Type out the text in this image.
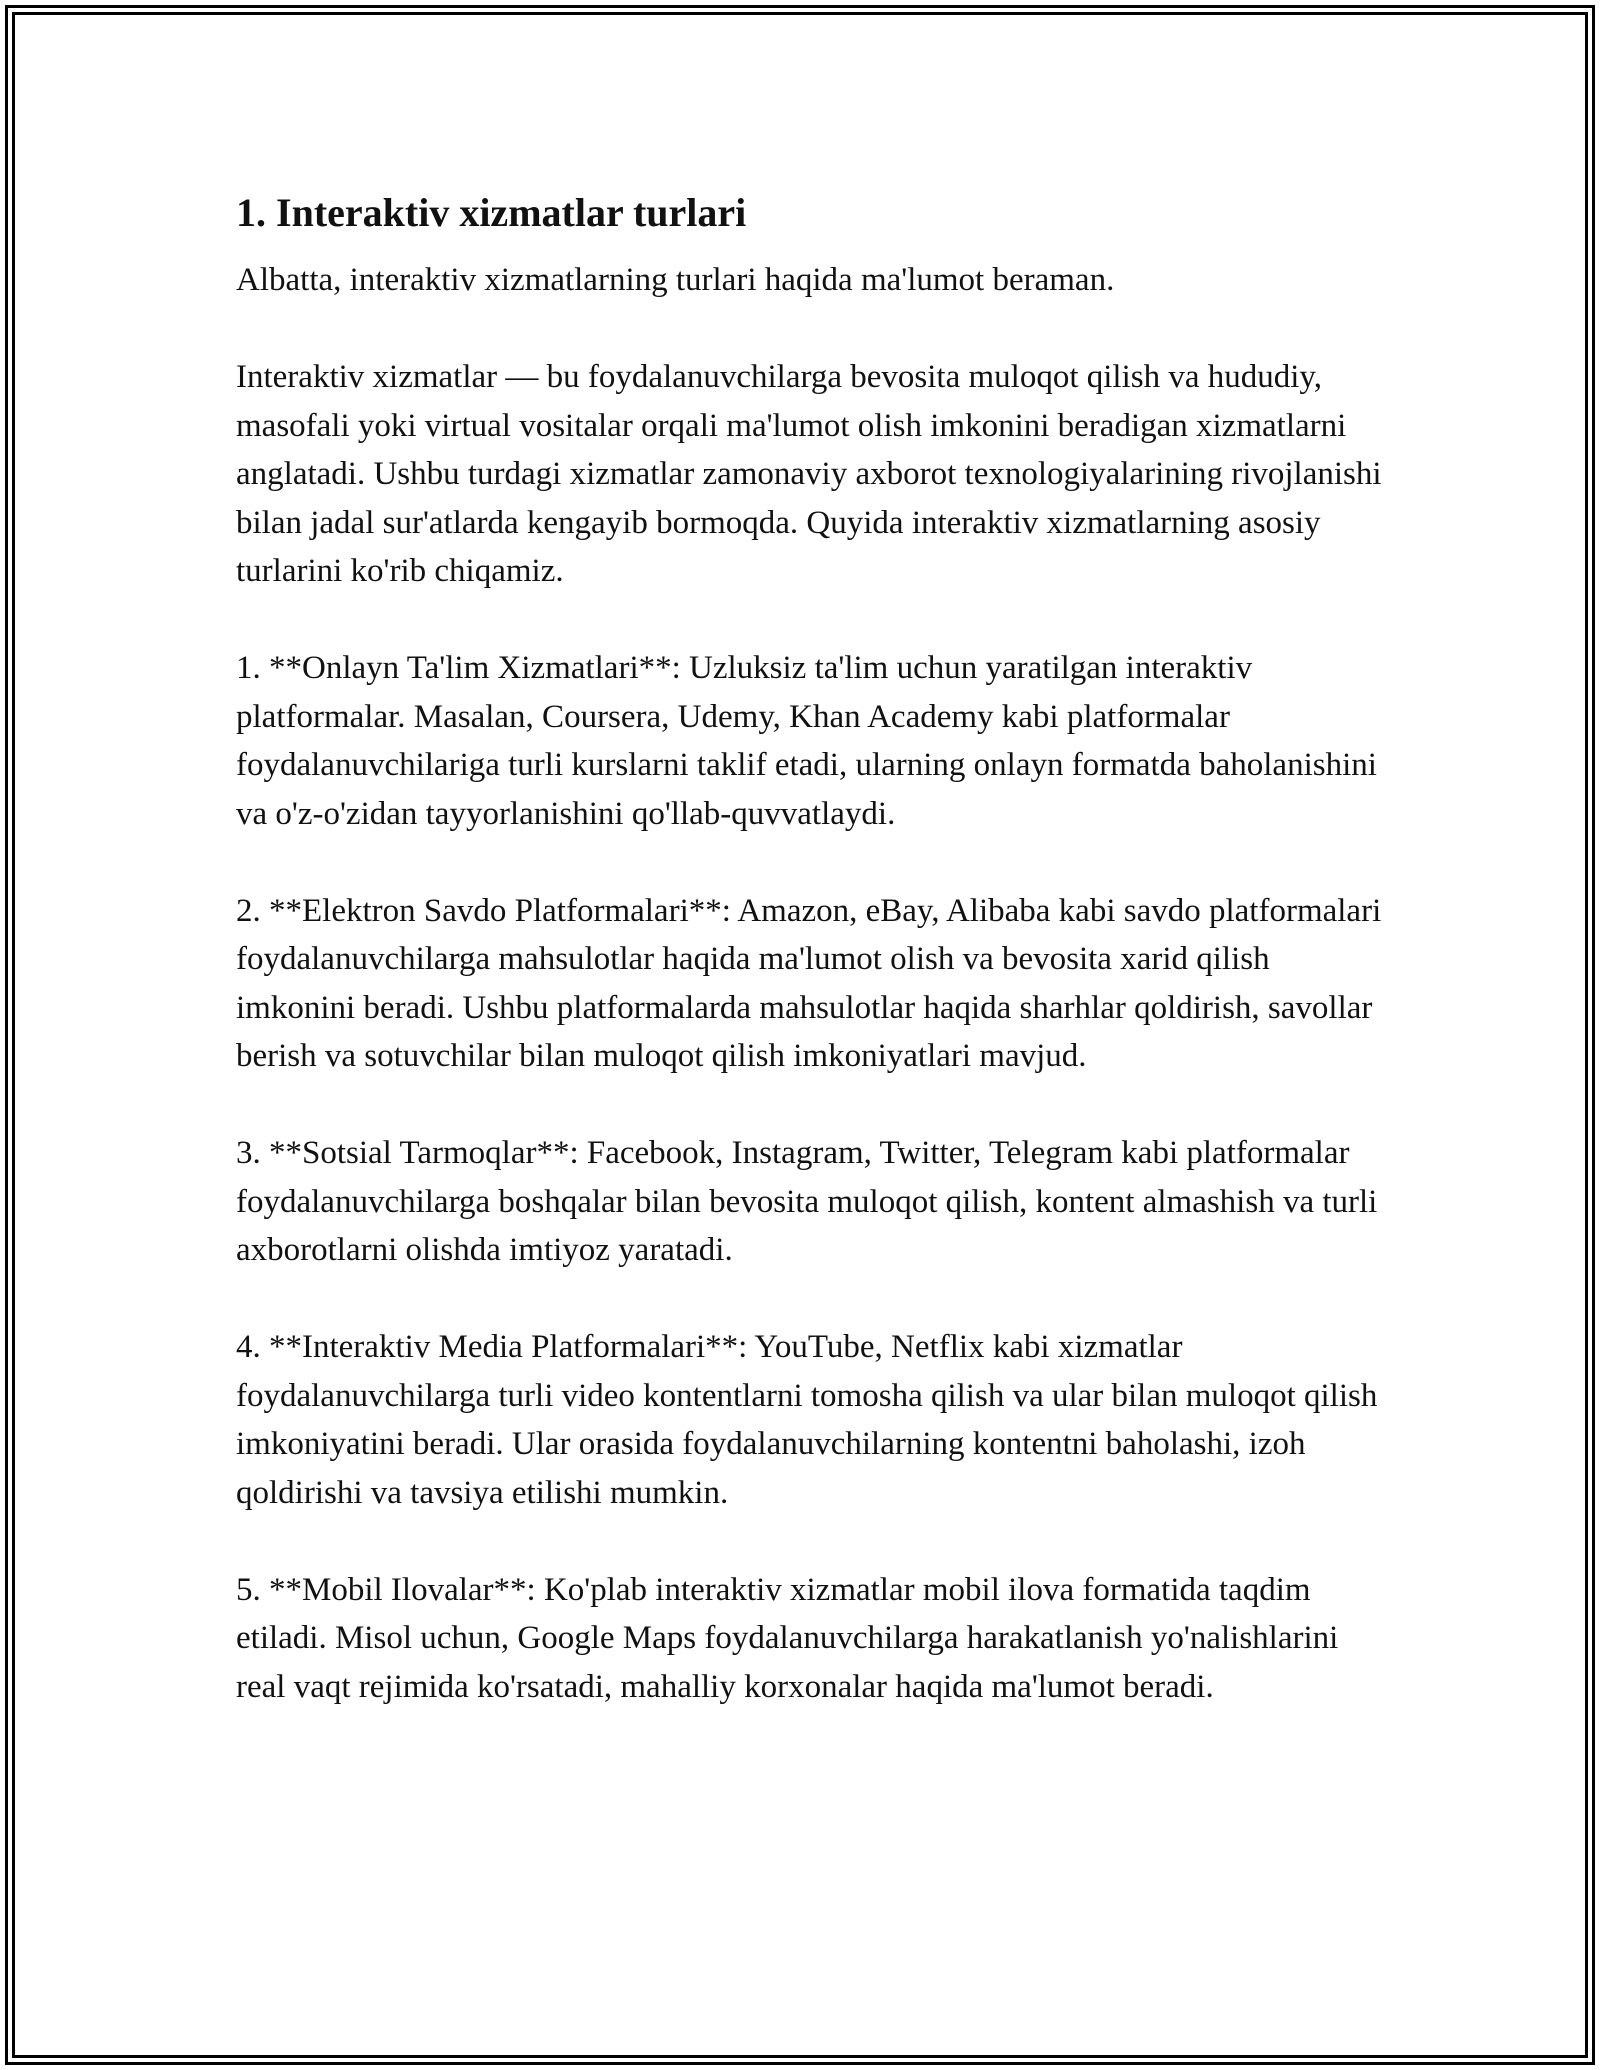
1. Interaktiv xizmatlar turlari

Albatta, interaktiv xizmatlarning turlari haqida ma'lumot beraman.

Interaktiv xizmatlar — bu foydalanuvchilarga bevosita muloqot qilish va hududiy, masofali yoki virtual vositalar orqali ma'lumot olish imkonini beradigan xizmatlarni anglatadi. Ushbu turdagi xizmatlar zamonaviy axborot texnologiyalarining rivojlanishi bilan jadal sur'atlarda kengayib bormoqda. Quyida interaktiv xizmatlarning asosiy turlarini ko'rib chiqamiz.

1. **Onlayn Ta'lim Xizmatlari**: Uzluksiz ta'lim uchun yaratilgan interaktiv platformalar. Masalan, Coursera, Udemy, Khan Academy kabi platformalar foydalanuvchilariga turli kurslarni taklif etadi, ularning onlayn formatda baholanishini va o'z-o'zidan tayyorlanishini qo'llab-quvvatlaydi.

2. **Elektron Savdo Platformalari**: Amazon, eBay, Alibaba kabi savdo platformalari foydalanuvchilarga mahsulotlar haqida ma'lumot olish va bevosita xarid qilish imkonini beradi. Ushbu platformalarda mahsulotlar haqida sharhlar qoldirish, savollar berish va sotuvchilar bilan muloqot qilish imkoniyatlari mavjud.

3. **Sotsial Tarmoqlar**: Facebook, Instagram, Twitter, Telegram kabi platformalar foydalanuvchilarga boshqalar bilan bevosita muloqot qilish, kontent almashish va turli axborotlarni olishda imtiyoz yaratadi.

4. **Interaktiv Media Platformalari**: YouTube, Netflix kabi xizmatlar foydalanuvchilarga turli video kontentlarni tomosha qilish va ular bilan muloqot qilish imkoniyatini beradi. Ular orasida foydalanuvchilarning kontentni baholashi, izoh qoldirishi va tavsiya etilishi mumkin.

5. **Mobil Ilovalar**: Ko'plab interaktiv xizmatlar mobil ilova formatida taqdim etiladi. Misol uchun, Google Maps foydalanuvchilarga harakatlanish yo'nalishlarini real vaqt rejimida ko'rsatadi, mahalliy korxonalar haqida ma'lumot beradi.
